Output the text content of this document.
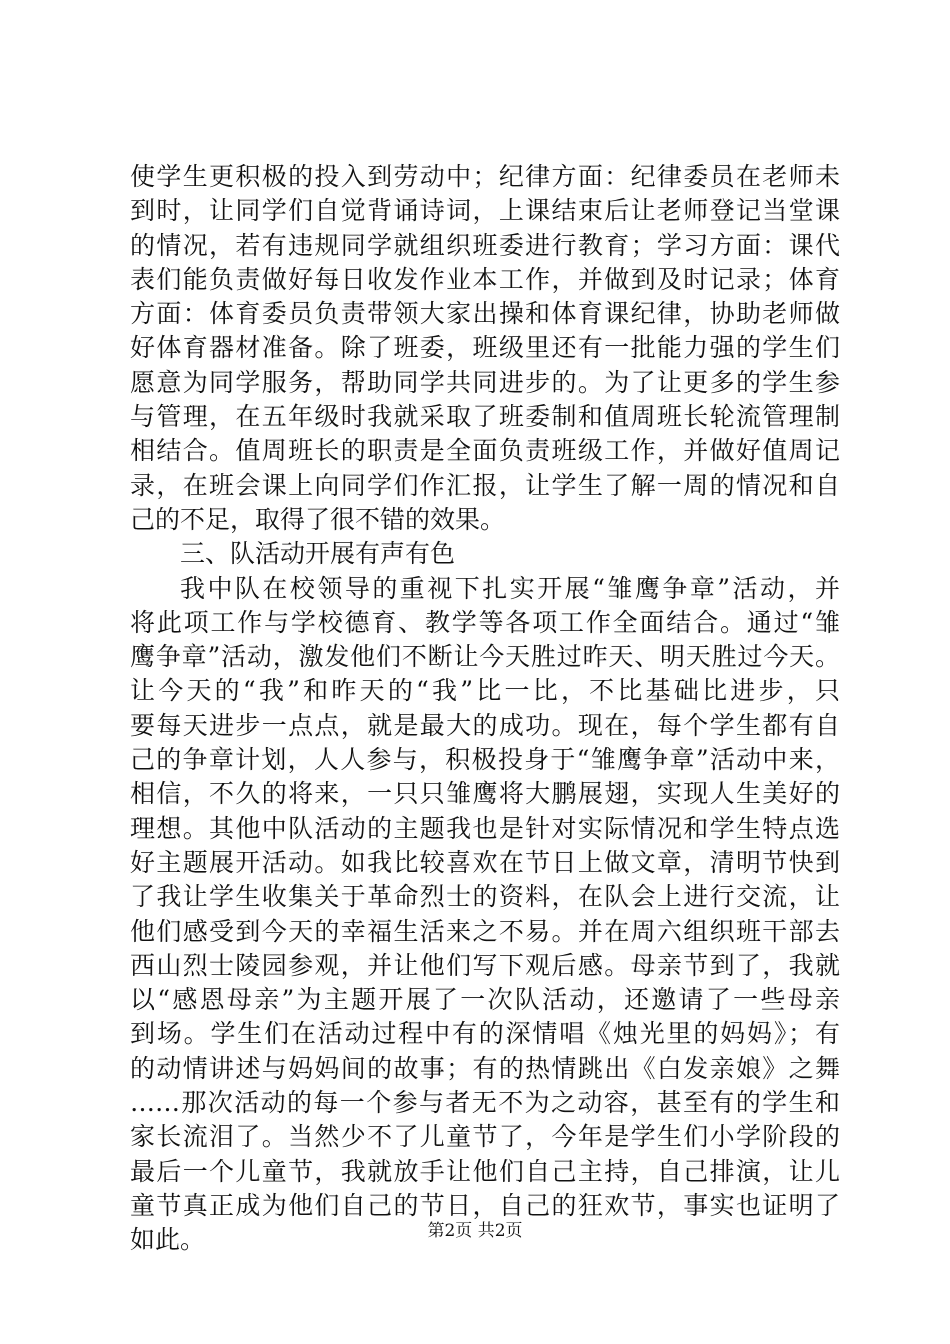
使学生更积极的投入到劳动中；纪律方面：纪律委员在老师未
到时，让同学们自觉背诵诗词，上课结束后让老师登记当堂课
的情况，若有违规同学就组织班委进行教育；学习方面：课代
表们能负责做好每日收发作业本工作，并做到及时记录；体育
方面：体育委员负责带领大家出操和体育课纪律，协助老师做
好体育器材准备。除了班委，班级里还有一批能力强的学生们
愿意为同学服务，帮助同学共同进步的。为了让更多的学生参
与管理，在五年级时我就采取了班委制和值周班长轮流管理制
相结合。值周班长的职责是全面负责班级工作，并做好值周记
录，在班会课上向同学们作汇报，让学生了解一周的情况和自
己的不足，取得了很不错的效果。
三、队活动开展有声有色
我中队在校领导的重视下扎实开展“雏鹰争章”活动，并
将此项工作与学校德育、教学等各项工作全面结合。通过“雏
鹰争章”活动，激发他们不断让今天胜过昨天、明天胜过今天。
让今天的“我”和昨天的“我”比一比，不比基础比进步，只
要每天进步一点点，就是最大的成功。现在，每个学生都有自
己的争章计划，人人参与，积极投身于“雏鹰争章”活动中来，
相信，不久的将来，一只只雏鹰将大鹏展翅，实现人生美好的
理想。其他中队活动的主题我也是针对实际情况和学生特点选
好主题展开活动。如我比较喜欢在节日上做文章，清明节快到
了我让学生收集关于革命烈士的资料，在队会上进行交流，让
他们感受到今天的幸福生活来之不易。并在周六组织班干部去
西山烈士陵园参观，并让他们写下观后感。母亲节到了，我就
以“感恩母亲”为主题开展了一次队活动，还邀请了一些母亲
到场。学生们在活动过程中有的深情唱《烛光里的妈妈》；有
的动情讲述与妈妈间的故事；有的热情跳出《白发亲娘》之舞
……那次活动的每一个参与者无不为之动容，甚至有的学生和
家长流泪了。当然少不了儿童节了，今年是学生们小学阶段的
最后一个儿童节，我就放手让他们自己主持，自己排演，让儿
童节真正成为他们自己的节日，自己的狂欢节，事实也证明了
如此。	第2页 共2页
